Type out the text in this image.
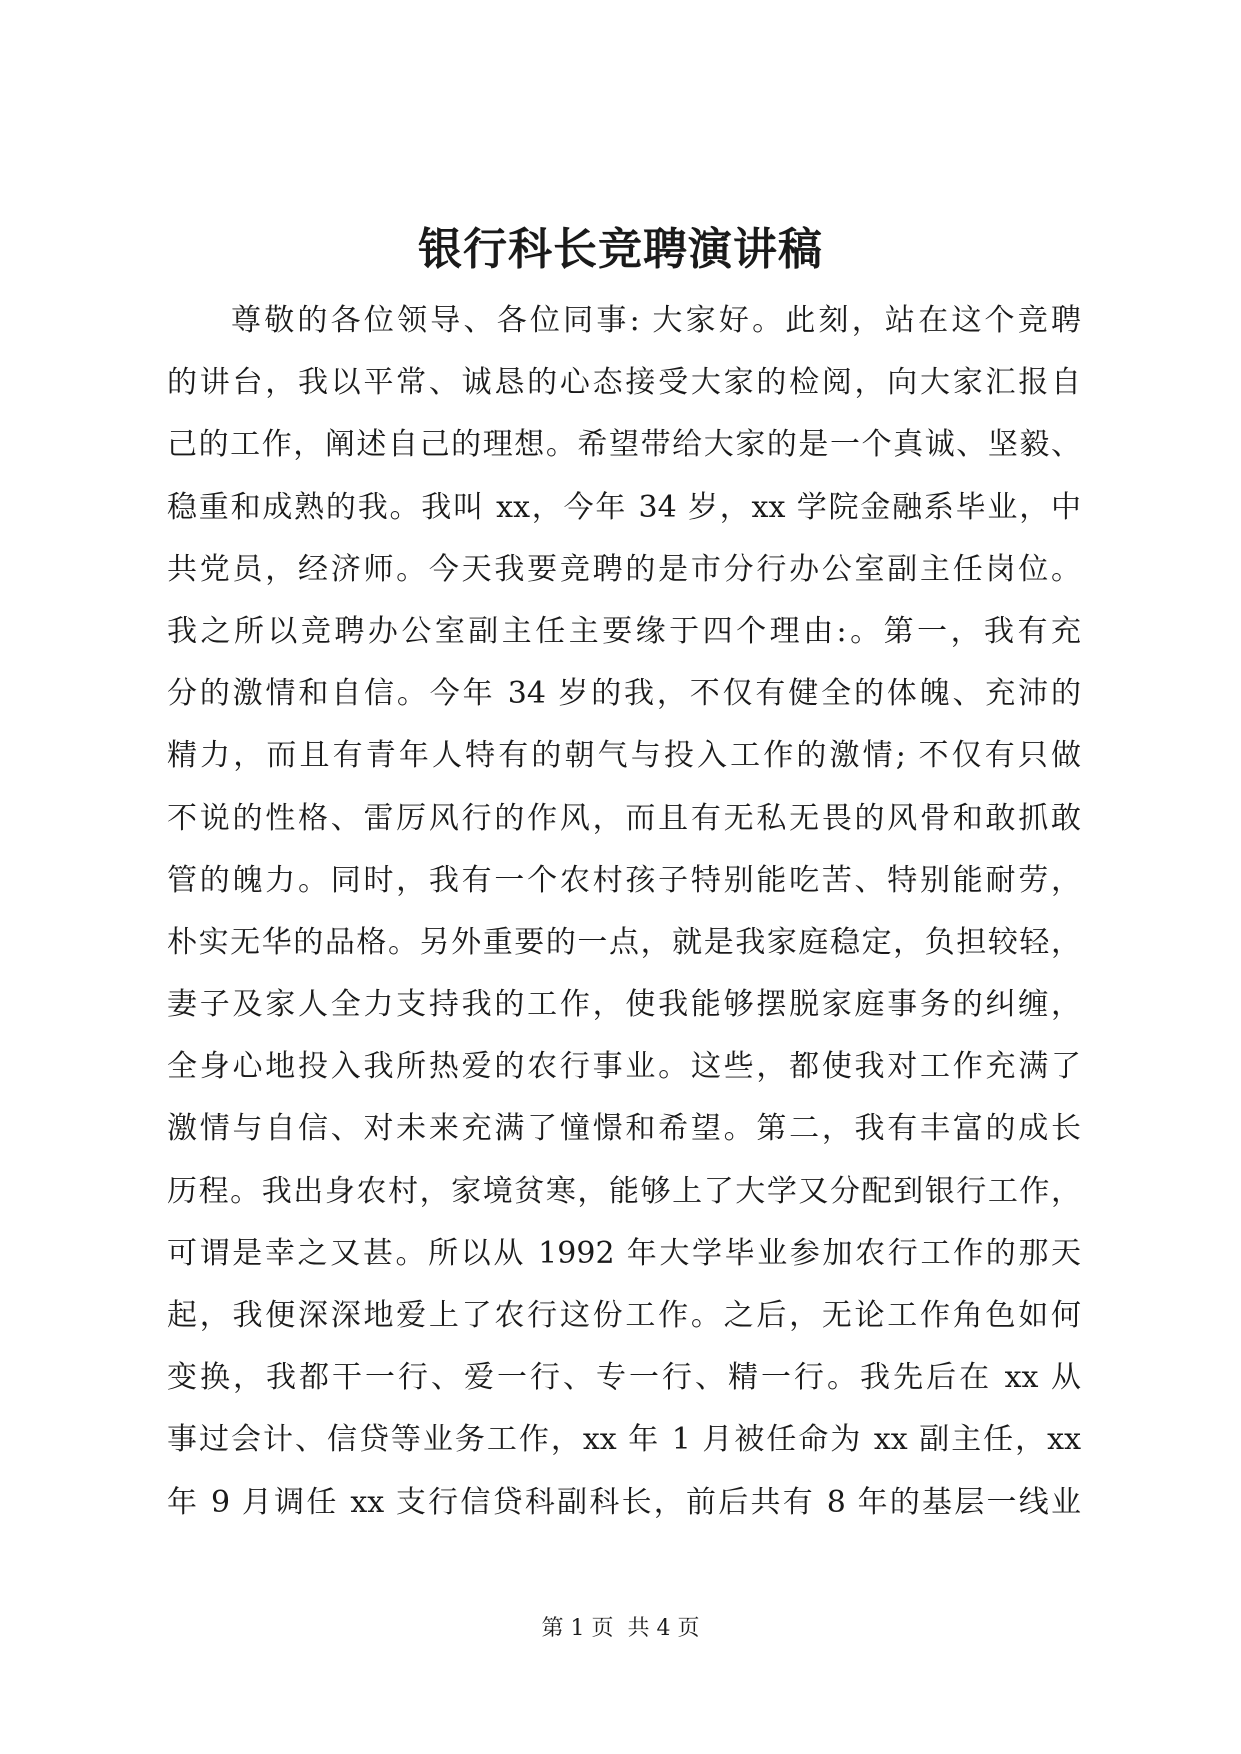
银行科长竞聘演讲稿
尊敬的各位领导、各位同事: 大家好。此刻，站在这个竞聘
的讲台，我以平常、诚恳的心态接受大家的检阅，向大家汇报自
己的工作，阐述自己的理想。希望带给大家的是一个真诚、坚毅、
稳重和成熟的我。我叫 xx，今年 34 岁，xx 学院金融系毕业，中
共党员，经济师。今天我要竞聘的是市分行办公室副主任岗位。
我之所以竞聘办公室副主任主要缘于四个理由:。第一，我有充
分的激情和自信。今年 34 岁的我，不仅有健全的体魄、充沛的
精力，而且有青年人特有的朝气与投入工作的激情; 不仅有只做
不说的性格、雷厉风行的作风，而且有无私无畏的风骨和敢抓敢
管的魄力。同时，我有一个农村孩子特别能吃苦、特别能耐劳，
朴实无华的品格。另外重要的一点，就是我家庭稳定，负担较轻，
妻子及家人全力支持我的工作，使我能够摆脱家庭事务的纠缠，
全身心地投入我所热爱的农行事业。这些，都使我对工作充满了
激情与自信、对未来充满了憧憬和希望。第二，我有丰富的成长
历程。我出身农村，家境贫寒，能够上了大学又分配到银行工作，
可谓是幸之又甚。所以从 1992 年大学毕业参加农行工作的那天
起，我便深深地爱上了农行这份工作。之后，无论工作角色如何
变换，我都干一行、爱一行、专一行、精一行。我先后在 xx 从
事过会计、信贷等业务工作，xx 年 1 月被任命为 xx 副主任，xx
年 9 月调任 xx 支行信贷科副科长，前后共有 8 年的基层一线业
第 1 页 共 4 页
